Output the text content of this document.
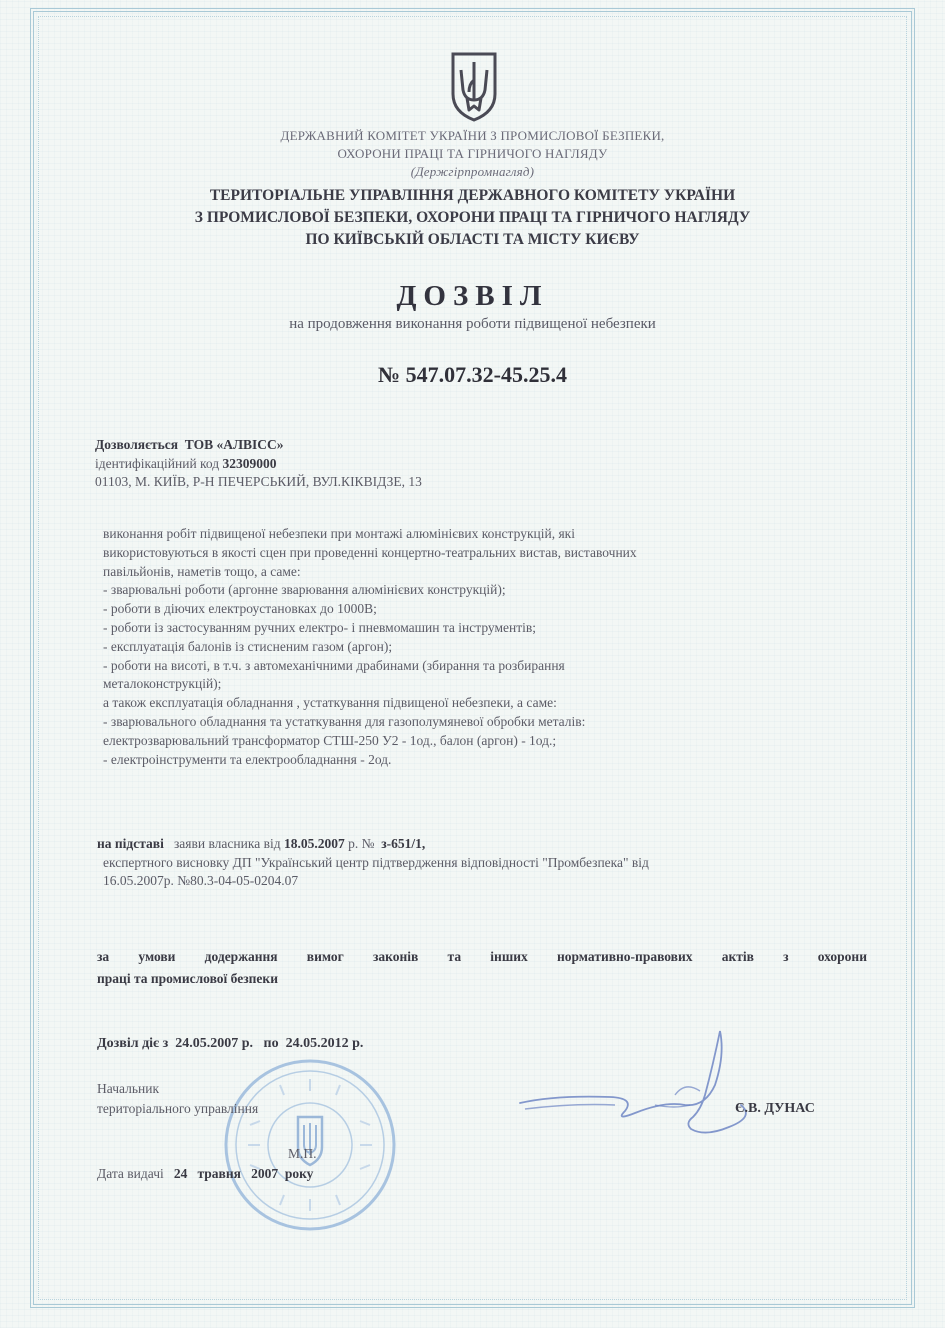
ДЕРЖАВНИЙ КОМІТЕТ УКРАЇНИ З ПРОМИСЛОВОЇ БЕЗПЕКИ,
ОХОРОНИ ПРАЦІ ТА ГІРНИЧОГО НАГЛЯДУ
(Держгірпромнагляд)
ТЕРИТОРІАЛЬНЕ УПРАВЛІННЯ ДЕРЖАВНОГО КОМІТЕТУ УКРАЇНИ
З ПРОМИСЛОВОЇ БЕЗПЕКИ, ОХОРОНИ ПРАЦІ ТА ГІРНИЧОГО НАГЛЯДУ
ПО КИЇВСЬКІЙ ОБЛАСТІ ТА МІСТУ КИЄВУ
ДОЗВІЛ
на продовження виконання роботи підвищеної небезпеки
№ 547.07.32-45.25.4
Дозволяється ТОВ «АЛВІСС»
ідентифікаційний код 32309000
01103, М. КИЇВ, Р-Н ПЕЧЕРСЬКИЙ, ВУЛ.КІКВІДЗЕ, 13
виконання робіт підвищеної небезпеки при монтажі алюмінієвих конструкцій, які
використовуються в якості сцен при проведенні концертно-театральних вистав, виставочних
павільйонів, наметів тощо, а саме:
- зварювальні роботи (аргонне зварювання алюмінієвих конструкцій);
- роботи в діючих електроустановках до 1000В;
- роботи із застосуванням ручних електро- і пневмомашин та інструментів;
- експлуатація балонів із стисненим газом (аргон);
- роботи на висоті, в т.ч. з автомеханічними драбинами (збирання та розбирання
металоконструкцій);
а також експлуатація обладнання , устаткування підвищеної небезпеки, а саме:
- зварювального обладнання та устаткування для газополумяневої обробки металів:
електрозварювальний трансформатор СТШ-250 У2 - 1од., балон (аргон) - 1од.;
- електроінструменти та електрообладнання - 2од.
на підставі заяви власника від 18.05.2007 р. № з-651/1,
експертного висновку ДП "Український центр підтвердження відповідності "Промбезпека" від
16.05.2007р. №80.3-04-05-0204.07
за умови додержання вимог законів та інших нормативно-правових актів з охорони
праці та промислової безпеки
Дозвіл діє з 24.05.2007 р. по 24.05.2012 р.
Начальник
територіального управління
М.П.
Є.В. ДУНАС
Дата видачі 24 травня 2007 року
